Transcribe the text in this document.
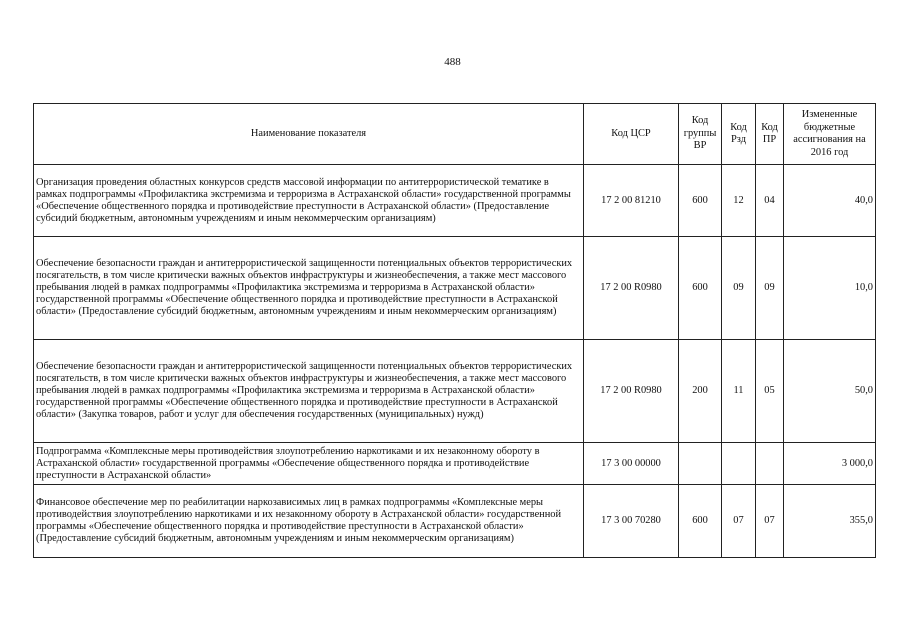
488
Наименование показателя	Код ЦСР	Код группы ВР	Код Рзд	Код ПР	Измененные бюджетные ассигнования на 2016 год
Организация проведения областных конкурсов средств массовой информации по антитеррористической тематике в рамках подпрограммы «Профилактика экстремизма и терроризма в Астраханской области» государственной программы «Обеспечение общественного порядка и противодействие преступности в Астраханской области» (Предоставление субсидий бюджетным, автономным учреждениям и иным некоммерческим организациям)	17 2 00 81210	600	12	04	40,0
Обеспечение безопасности граждан и антитеррористической защищенности потенциальных объектов террористических посягательств, в том числе критически важных объектов инфраструктуры и жизнеобеспечения, а также мест массового пребывания людей в рамках подпрограммы «Профилактика экстремизма и терроризма в Астраханской области» государственной программы «Обеспечение общественного порядка и противодействие преступности в Астраханской области» (Предоставление субсидий бюджетным, автономным учреждениям и иным некоммерческим организациям)	17 2 00 R0980	600	09	09	10,0
Обеспечение безопасности граждан и антитеррористической защищенности потенциальных объектов террористических посягательств, в том числе критически важных объектов инфраструктуры и жизнеобеспечения, а также мест массового пребывания людей в рамках подпрограммы «Профилактика экстремизма и терроризма в Астраханской области» государственной программы «Обеспечение общественного порядка и противодействие преступности в Астраханской области» (Закупка товаров, работ и услуг для обеспечения государственных (муниципальных) нужд)	17 2 00 R0980	200	11	05	50,0
Подпрограмма «Комплексные меры противодействия злоупотреблению наркотиками и их незаконному обороту в Астраханской области» государственной программы «Обеспечение общественного порядка и противодействие преступности в Астраханской области»	17 3 00 00000				3 000,0
Финансовое обеспечение мер по реабилитации наркозависимых лиц в рамках подпрограммы «Комплексные меры противодействия злоупотреблению наркотиками и их незаконному обороту в Астраханской области» государственной программы «Обеспечение общественного порядка и противодействие преступности в Астраханской области» (Предоставление субсидий бюджетным, автономным учреждениям и иным некоммерческим организациям)	17 3 00 70280	600	07	07	355,0
